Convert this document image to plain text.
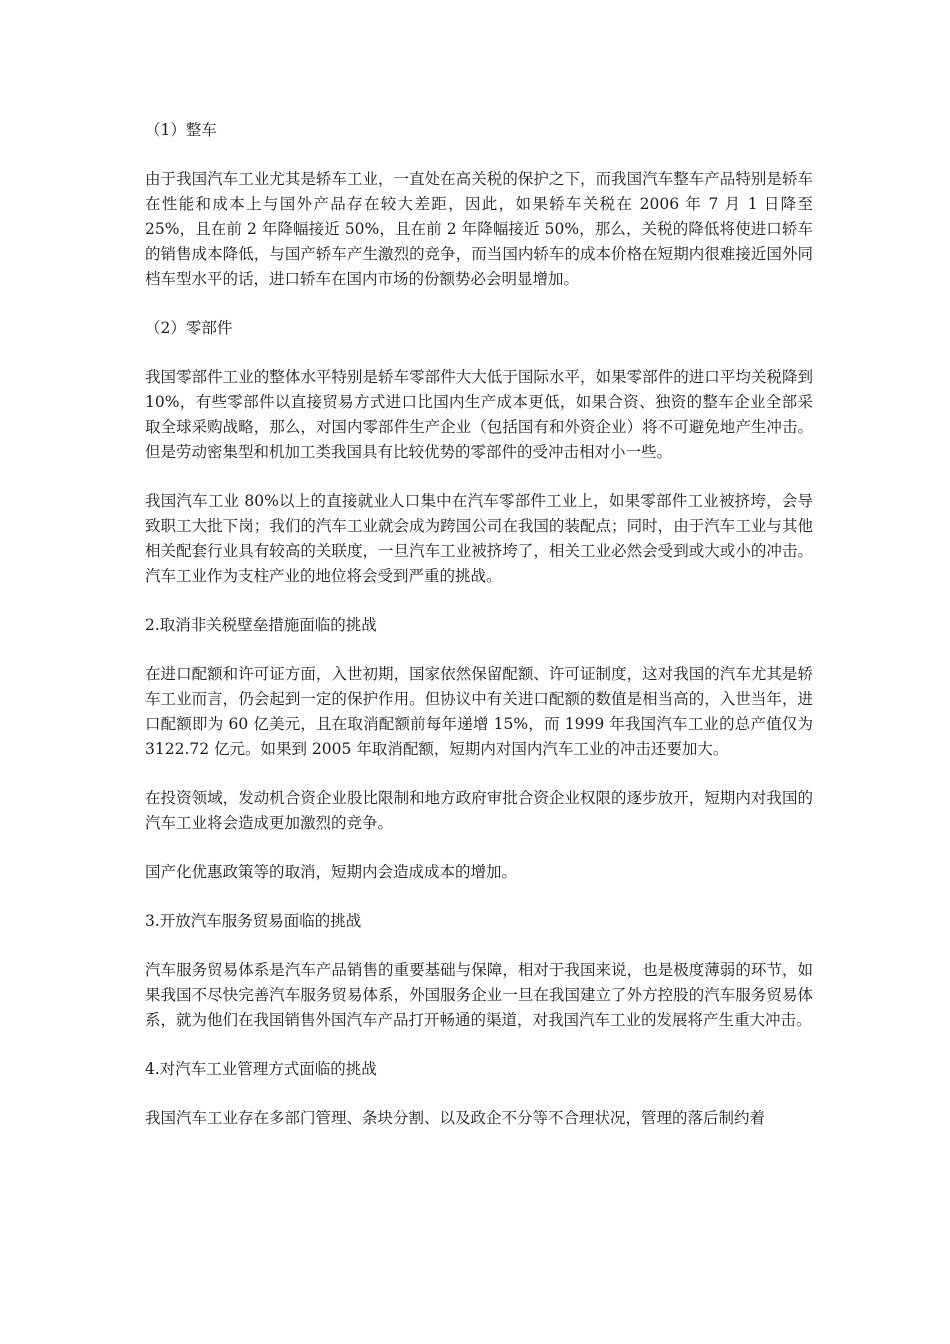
（1）整车

由于我国汽车工业尤其是轿车工业，一直处在高关税的保护之下，而我国汽车整车产品特别是轿车在性能和成本上与国外产品存在较大差距，因此，如果轿车关税在 2006 年 7 月 1 日降至 25%，且在前 2 年降幅接近 50%，且在前 2 年降幅接近 50%，那么，关税的降低将使进口轿车的销售成本降低，与国产轿车产生激烈的竞争，而当国内轿车的成本价格在短期内很难接近国外同档车型水平的话，进口轿车在国内市场的份额势必会明显增加。

（2）零部件

我国零部件工业的整体水平特别是轿车零部件大大低于国际水平，如果零部件的进口平均关税降到 10%，有些零部件以直接贸易方式进口比国内生产成本更低，如果合资、独资的整车企业全部采取全球采购战略，那么，对国内零部件生产企业（包括国有和外资企业）将不可避免地产生冲击。但是劳动密集型和机加工类我国具有比较优势的零部件的受冲击相对小一些。

我国汽车工业 80%以上的直接就业人口集中在汽车零部件工业上，如果零部件工业被挤垮，会导致职工大批下岗；我们的汽车工业就会成为跨国公司在我国的装配点；同时，由于汽车工业与其他相关配套行业具有较高的关联度，一旦汽车工业被挤垮了，相关工业必然会受到或大或小的冲击。汽车工业作为支柱产业的地位将会受到严重的挑战。

2.取消非关税壁垒措施面临的挑战

在进口配额和许可证方面，入世初期，国家依然保留配额、许可证制度，这对我国的汽车尤其是轿车工业而言，仍会起到一定的保护作用。但协议中有关进口配额的数值是相当高的，入世当年，进口配额即为 60 亿美元，且在取消配额前每年递增 15%，而 1999 年我国汽车工业的总产值仅为 3122.72 亿元。如果到 2005 年取消配额，短期内对国内汽车工业的冲击还要加大。

在投资领域，发动机合资企业股比限制和地方政府审批合资企业权限的逐步放开，短期内对我国的汽车工业将会造成更加激烈的竞争。

国产化优惠政策等的取消，短期内会造成成本的增加。

3.开放汽车服务贸易面临的挑战

汽车服务贸易体系是汽车产品销售的重要基础与保障，相对于我国来说，也是极度薄弱的环节，如果我国不尽快完善汽车服务贸易体系，外国服务企业一旦在我国建立了外方控股的汽车服务贸易体系，就为他们在我国销售外国汽车产品打开畅通的渠道，对我国汽车工业的发展将产生重大冲击。

4.对汽车工业管理方式面临的挑战

我国汽车工业存在多部门管理、条块分割、以及政企不分等不合理状况，管理的落后制约着
